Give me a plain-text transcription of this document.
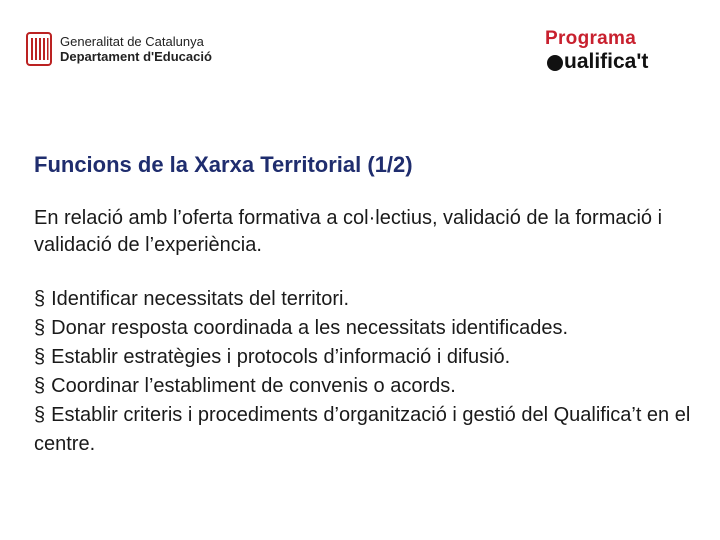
Generalitat de Catalunya
Departament d'Educació
Programa
ualifica't
Funcions de la Xarxa Territorial (1/2)

En relació amb l’oferta formativa a col·lectius, validació de la formació i validació de l’experiència.

§ Identificar necessitats del territori.
§ Donar resposta coordinada a les necessitats identificades.
§ Establir estratègies i protocols d’informació i difusió.
§ Coordinar l’establiment de convenis o acords.
§ Establir criteris i procediments d’organització i gestió del Qualifica’t en el centre.
